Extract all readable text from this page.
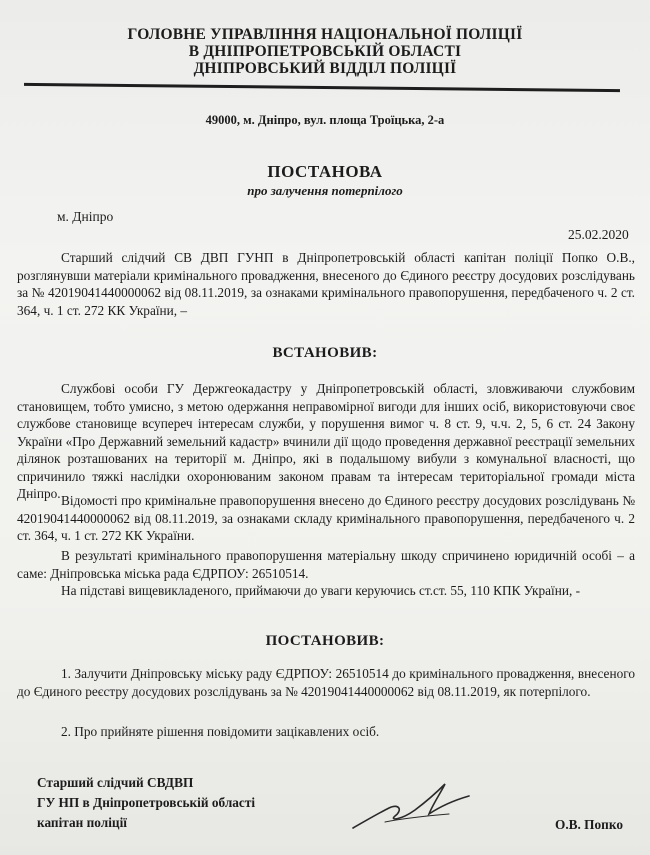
ГОЛОВНЕ УПРАВЛІННЯ НАЦІОНАЛЬНОЇ ПОЛІЦІЇ
В ДНІПРОПЕТРОВСЬКІЙ ОБЛАСТІ
ДНІПРОВСЬКИЙ ВІДДІЛ ПОЛІЦІЇ
49000, м. Дніпро, вул. площа Троїцька, 2-а
ПОСТАНОВА
про залучення потерпілого
м. Дніпро
25.02.2020

Старший слідчий СВ ДВП ГУНП в Дніпропетровській області капітан поліції Попко О.В., розглянувши матеріали кримінального провадження, внесеного до Єдиного реєстру досудових розслідувань за № 42019041440000062 від 08.11.2019, за ознаками кримінального правопорушення, передбаченого ч. 2 ст. 364, ч. 1 ст. 272 КК України, –

ВСТАНОВИВ:

Службові особи ГУ Держгеокадастру у Дніпропетровській області, зловживаючи службовим становищем, тобто умисно, з метою одержання неправомірної вигоди для інших осіб, використовуючи своє службове становище всупереч інтересам служби, у порушення вимог ч. 8 ст. 9, ч.ч. 2, 5, 6 ст. 24 Закону України «Про Державний земельний кадастр» вчинили дії щодо проведення державної реєстрації земельних ділянок розташованих на території м. Дніпро, які в подальшому вибули з комунальної власності, що спричинило тяжкі наслідки охоронюваним законом правам та інтересам територіальної громади міста Дніпро. Відомості про кримінальне правопорушення внесено до Єдиного реєстру досудових розслідувань № 42019041440000062 від 08.11.2019, за ознаками складу кримінального правопорушення, передбаченого ч. 2 ст. 364, ч. 1 ст. 272 КК України.

В результаті кримінального правопорушення матеріальну шкоду спричинено юридичній особі – а саме: Дніпровська міська рада ЄДРПОУ: 26510514.

На підставі вищевикладеного, приймаючи до уваги керуючись ст.ст. 55, 110 КПК України, -

ПОСТАНОВИВ:

1. Залучити Дніпровську міську раду ЄДРПОУ: 26510514 до кримінального провадження, внесеного до Єдиного реєстру досудових розслідувань за № 42019041440000062 від 08.11.2019, як потерпілого.

2. Про прийняте рішення повідомити зацікавлених осіб.

Старший слідчий СВДВП
ГУ НП в Дніпропетровській області
капітан поліції	О.В. Попко
